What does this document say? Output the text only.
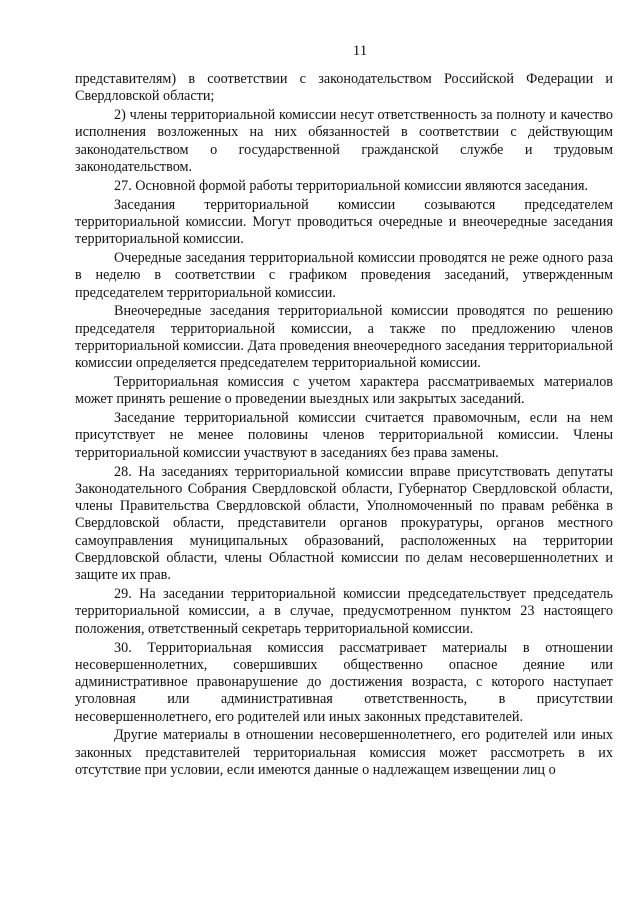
11

представителям) в соответствии с законодательством Российской Федерации и Свердловской области;

2) члены территориальной комиссии несут ответственность за полноту и качество исполнения возложенных на них обязанностей в соответствии с действующим законодательством о государственной гражданской службе и трудовым законодательством.

27. Основной формой работы территориальной комиссии являются заседания.

Заседания территориальной комиссии созываются председателем территориальной комиссии. Могут проводиться очередные и внеочередные заседания территориальной комиссии.

Очередные заседания территориальной комиссии проводятся не реже одного раза в неделю в соответствии с графиком проведения заседаний, утвержденным председателем территориальной комиссии.

Внеочередные заседания территориальной комиссии проводятся по решению председателя территориальной комиссии, а также по предложению членов территориальной комиссии. Дата проведения внеочередного заседания территориальной комиссии определяется председателем территориальной комиссии.

Территориальная комиссия с учетом характера рассматриваемых материалов может принять решение о проведении выездных или закрытых заседаний.

Заседание территориальной комиссии считается правомочным, если на нем присутствует не менее половины членов территориальной комиссии. Члены территориальной комиссии участвуют в заседаниях без права замены.

28. На заседаниях территориальной комиссии вправе присутствовать депутаты Законодательного Собрания Свердловской области, Губернатор Свердловской области, члены Правительства Свердловской области, Уполномоченный по правам ребёнка в Свердловской области, представители органов прокуратуры, органов местного самоуправления муниципальных образований, расположенных на территории Свердловской области, члены Областной комиссии по делам несовершеннолетних и защите их прав.

29. На заседании территориальной комиссии председательствует председатель территориальной комиссии, а в случае, предусмотренном пунктом 23 настоящего положения, ответственный секретарь территориальной комиссии.

30. Территориальная комиссия рассматривает материалы в отношении несовершеннолетних, совершивших общественно опасное деяние или административное правонарушение до достижения возраста, с которого наступает уголовная или административная ответственность, в присутствии несовершеннолетнего, его родителей или иных законных представителей.

Другие материалы в отношении несовершеннолетнего, его родителей или иных законных представителей территориальная комиссия может рассмотреть в их отсутствие при условии, если имеются данные о надлежащем извещении лиц о
